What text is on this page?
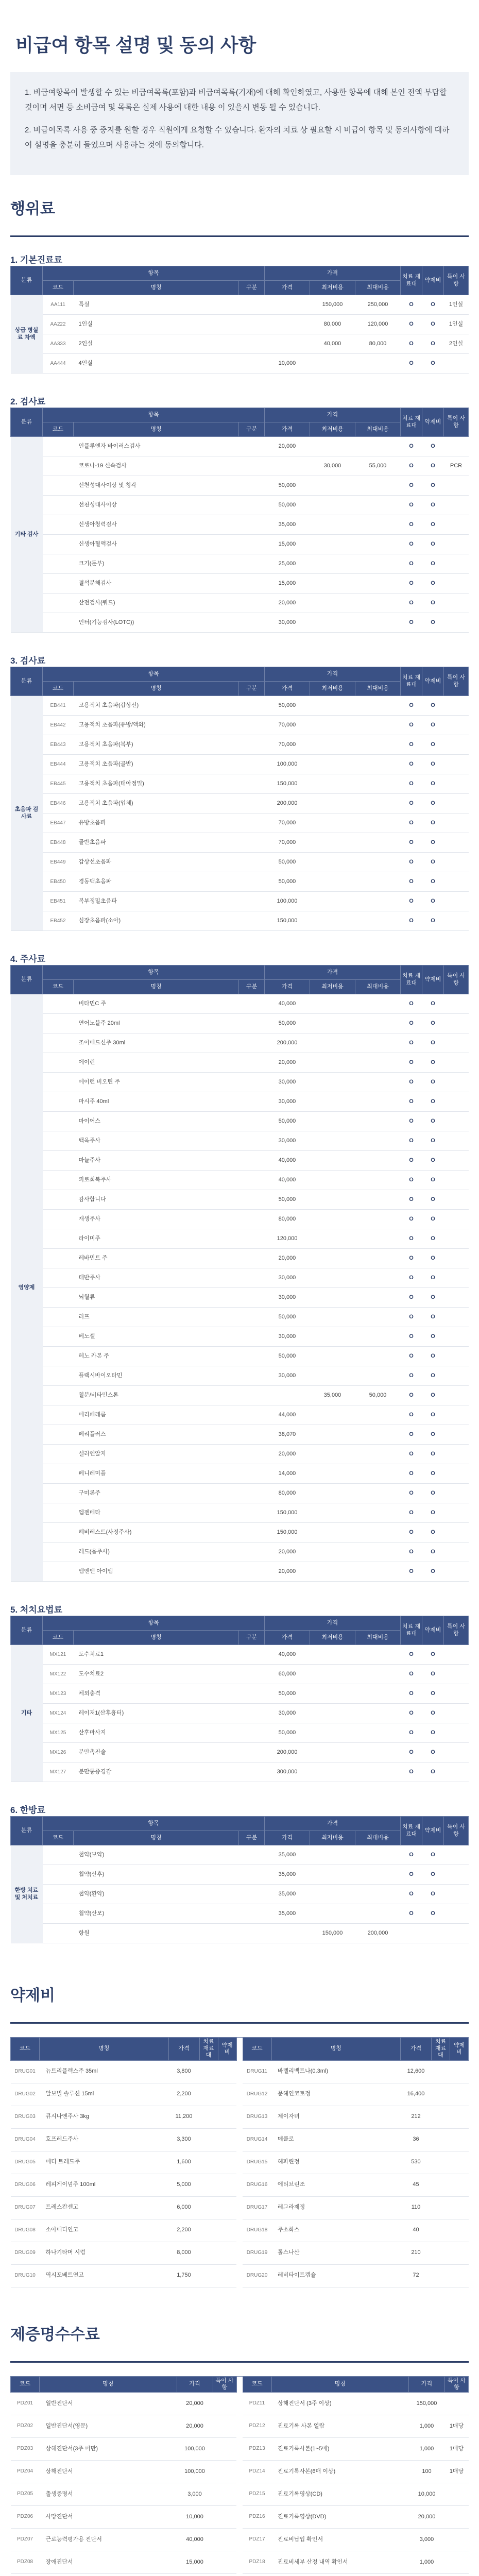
비급여 항목 설명 및 동의 사항

1. 비급여항목이 발생할 수 있는 비급여목록(포함)과 비급여목록(기재)에 대해 확인하였고, 사용한 항목에 대해 본인 전액 부담할 것이며 서면 등 소비급여 및 목록은 실제 사용에 대한 내용 이 있을시 변동 될 수 있습니다.

2. 비급여목록 사용 중 중지를 원할 경우 직원에게 요청할 수 있습니다. 환자의 치료 상 필요할 시 비급여 항목 및 동의사항에 대하여 설명을 충분히 들었으며 사용하는 것에 동의합니다.

행위료
1. 기본진료료
분류	항목			가격			치료 재료대	약제비	특이 사항
	코드	명칭	구분	가격	최저비용	최대비용			
상급 병실료 차액	AA111	특실			150,000	250,000	O	O	1인실
	AA222	1인실			80,000	120,000	O	O	1인실
	AA333	2인실			40,000	80,000	O	O	2인실
	AA444	4인실		10,000			O	O	
2. 검사료
분류	항목			가격			치료 재료대	약제비	특이 사항
	코드	명칭	구분	가격	최저비용	최대비용			
기타 검사		인플루엔자 바이러스검사		20,000			O	O	
		코로나-19 신속검사			30,000	55,000	O	O	PCR
		선천성대사이상 및 청각		50,000			O	O	
		선천성대사이상		50,000			O	O	
		신생아청력검사		35,000			O	O	
		신생아혈액검사		15,000			O	O	
		크기(둔부)		25,000			O	O	
		결석분해검사		15,000			O	O	
		산전검사(쿼드)		20,000			O	O	
		인터(기능검사(LOTC))		30,000			O	O	
3. 검사료
분류	항목			가격			치료 재료대	약제비	특이 사항
	코드	명칭	구분	가격	최저비용	최대비용			
초음파 검사료	EB441	고용적치 초음파(갑상선)		50,000			O	O	
	EB442	고용적치 초음파(유방/액와)		70,000			O	O	
	EB443	고용적치 초음파(복부)		70,000			O	O	
	EB444	고용적치 초음파(골반)		100,000			O	O	
	EB445	고용적치 초음파(태아정밀)		150,000			O	O	
	EB446	고용적치 초음파(입체)		200,000			O	O	
	EB447	유방초음파		70,000			O	O	
	EB448	골반초음파		70,000			O	O	
	EB449	갑상선초음파		50,000			O	O	
	EB450	경동맥초음파		50,000			O	O	
	EB451	복부정밀초음파		100,000			O	O	
	EB452	심장초음파(소아)		150,000			O	O	
4. 주사료
분류	항목			가격			치료 재료대	약제비	특이 사항
	코드	명칭	구분	가격	최저비용	최대비용			
영양제		비타민C 주		40,000			O	O	
		연어노블주 20ml		50,000			O	O	
		조이메드신주 30ml		200,000			O	O	
		에이런		20,000			O	O	
		에이런 비오틴 주		30,000			O	O	
		마시주 40ml		30,000			O	O	
		마이어스		50,000			O	O	
		백옥주사		30,000			O	O	
		마늘주사		40,000			O	O	
		피로회복주사		40,000			O	O	
		감사합니다		50,000			O	O	
		재생주사		80,000			O	O	
		라이미주		120,000			O	O	
		레바민트 주		20,000			O	O	
		태반주사		30,000			O	O	
		뇌혈류		30,000			O	O	
		러프		50,000			O	O	
		베노셀		30,000			O	O	
		헤노 카본 주		50,000			O	O	
		플랙시바이오타민		30,000			O	O	
		철분/비타민스톤			35,000	50,000	O	O	
		메리페레름		44,000			O	O	
		페리플러스		38,070			O	O	
		셀러엔알지		20,000			O	O	
		페니레미플		14,000			O	O	
		구미론주		80,000			O	O	
		엠젠베타		150,000			O	O	
		헤비레스트(사정주사)		150,000			O	O	
		레드(움주사)		20,000			O	O	
		엠앤엔 아이엠		20,000			O	O	
5. 처치요법료
분류	항목			가격			치료 재료대	약제비	특이 사항
	코드	명칭	구분	가격	최저비용	최대비용			
기타	MX121	도수치료1		40,000			O	O	
	MX122	도수치료2		60,000			O	O	
	MX123	체외충격		50,000			O	O	
	MX124	레이저1(산후흉터)		30,000			O	O	
	MX125	산후마사지		50,000			O	O	
	MX126	분만촉진술		200,000			O	O	
	MX127	분만통증경감		300,000			O	O	
6. 한방료
분류	항목			가격			치료 재료대	약제비	특이 사항
	코드	명칭	구분	가격	최저비용	최대비용			
한방 치료 및 처치료		첩약(보약)		35,000			O	O	
		첩약(산후)		35,000			O	O	
		첩약(환약)		35,000			O	O	
		첩약(산모)		35,000			O	O	
		항원			150,000	200,000			
약제비
코드	명칭	가격	치료 재료대	약제비		코드	명칭	가격	치료 재료대	약제비
DRUG01	뉴트리플렉스주 35ml	3,800				DRUG11	바렐리백트나(0.3ml)	12,600		
DRUG02	알보빌 솔루션 15ml	2,200				DRUG12	문헤인코토정	16,400		
DRUG03	큐시나엔주사 3kg	11,200				DRUG13	제이자녀	212		
DRUG04	호프레드주사	3,300				DRUG14	메클로	36		
DRUG05	메디 트레드주	1,600				DRUG15	헤파린정	530		
DRUG06	레피게이넘주 100ml	5,000				DRUG16	에티브린조	45		
DRUG07	트레스칸센고	6,000				DRUG17	레그라제정	110		
DRUG08	소아매디연고	2,200				DRUG18	주소화스	40		
DRUG09	하나기타머 시럽	8,000				DRUG19	톨스나산	210		
DRUG10	역시포베트연고	1,750				DRUG20	레비타이트캡슐	72		
제증명수수료
코드	명칭	가격	특이 사항		코드	명칭	가격	특이 사항
PDZ01	일반진단서	20,000			PDZ11	상해진단서 (3주 이상)	150,000	
PDZ02	일반진단서(영문)	20,000			PDZ12	진료기록 사본 열람	1,000	1매당
PDZ03	상해진단서(3주 미만)	100,000			PDZ13	진료기록사본(1~5매)	1,000	1매당
PDZ04	상해진단서	100,000			PDZ14	진료기록사본(6매 이상)	100	1매당
PDZ05	출생증명서	3,000			PDZ15	진료기록영상(CD)	10,000	
PDZ06	사망진단서	10,000			PDZ16	진료기록영상(DVD)	20,000	
PDZ07	근로능력평가용 진단서	40,000			PDZ17	진료비납입 확인서	3,000	
PDZ08	장애진단서	15,000			PDZ18	진료비세부 산정 내역 확인서	1,000	
